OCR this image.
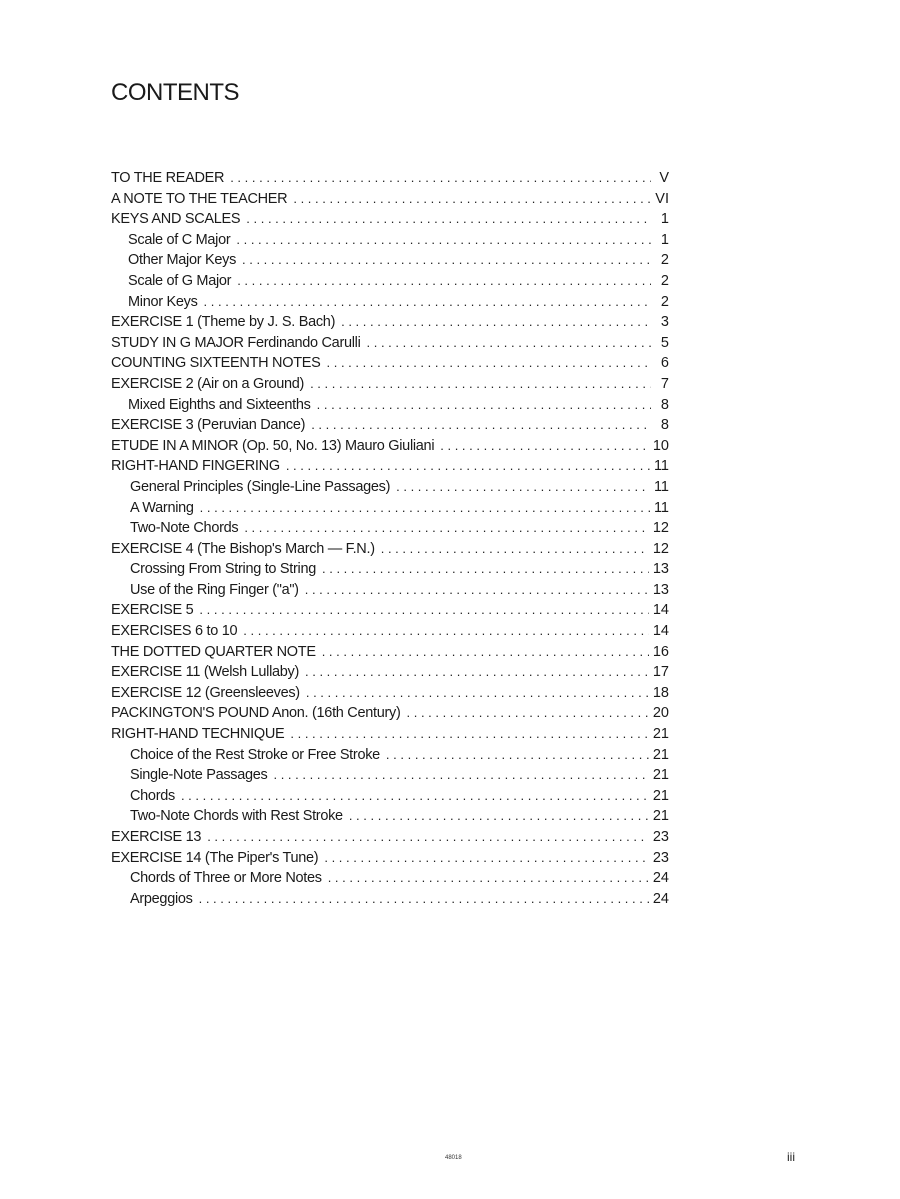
CONTENTS
TO THE READER . . .	V
A NOTE TO THE TEACHER . . .	VI
KEYS AND SCALES . . .	1
Scale of C Major . . .	1
Other Major Keys . . .	2
Scale of G Major . . .	2
Minor Keys . . .	2
EXERCISE 1 (Theme by J. S. Bach) . . .	3
STUDY IN G MAJOR Ferdinando Carulli . . .	5
COUNTING SIXTEENTH NOTES . . .	6
EXERCISE 2 (Air on a Ground) . . .	7
Mixed Eighths and Sixteenths . . .	8
EXERCISE 3 (Peruvian Dance) . . .	8
ETUDE IN A MINOR (Op. 50, No. 13) Mauro Giuliani . . .	10
RIGHT-HAND FINGERING . . .	11
General Principles (Single-Line Passages) . . .	11
A Warning . . .	11
Two-Note Chords . . .	12
EXERCISE 4 (The Bishop's March — F.N.) . . .	12
Crossing From String to String . . .	13
Use of the Ring Finger ("a") . . .	13
EXERCISE 5 . . .	14
EXERCISES 6 to 10 . . .	14
THE DOTTED QUARTER NOTE . . .	16
EXERCISE 11 (Welsh Lullaby) . . .	17
EXERCISE 12 (Greensleeves) . . .	18
PACKINGTON'S POUND Anon. (16th Century) . . .	20
RIGHT-HAND TECHNIQUE . . .	21
Choice of the Rest Stroke or Free Stroke . . .	21
Single-Note Passages . . .	21
Chords . . .	21
Two-Note Chords with Rest Stroke . . .	21
EXERCISE 13 . . .	23
EXERCISE 14 (The Piper's Tune) . . .	23
Chords of Three or More Notes . . .	24
Arpeggios . . .	24
48018	iii
